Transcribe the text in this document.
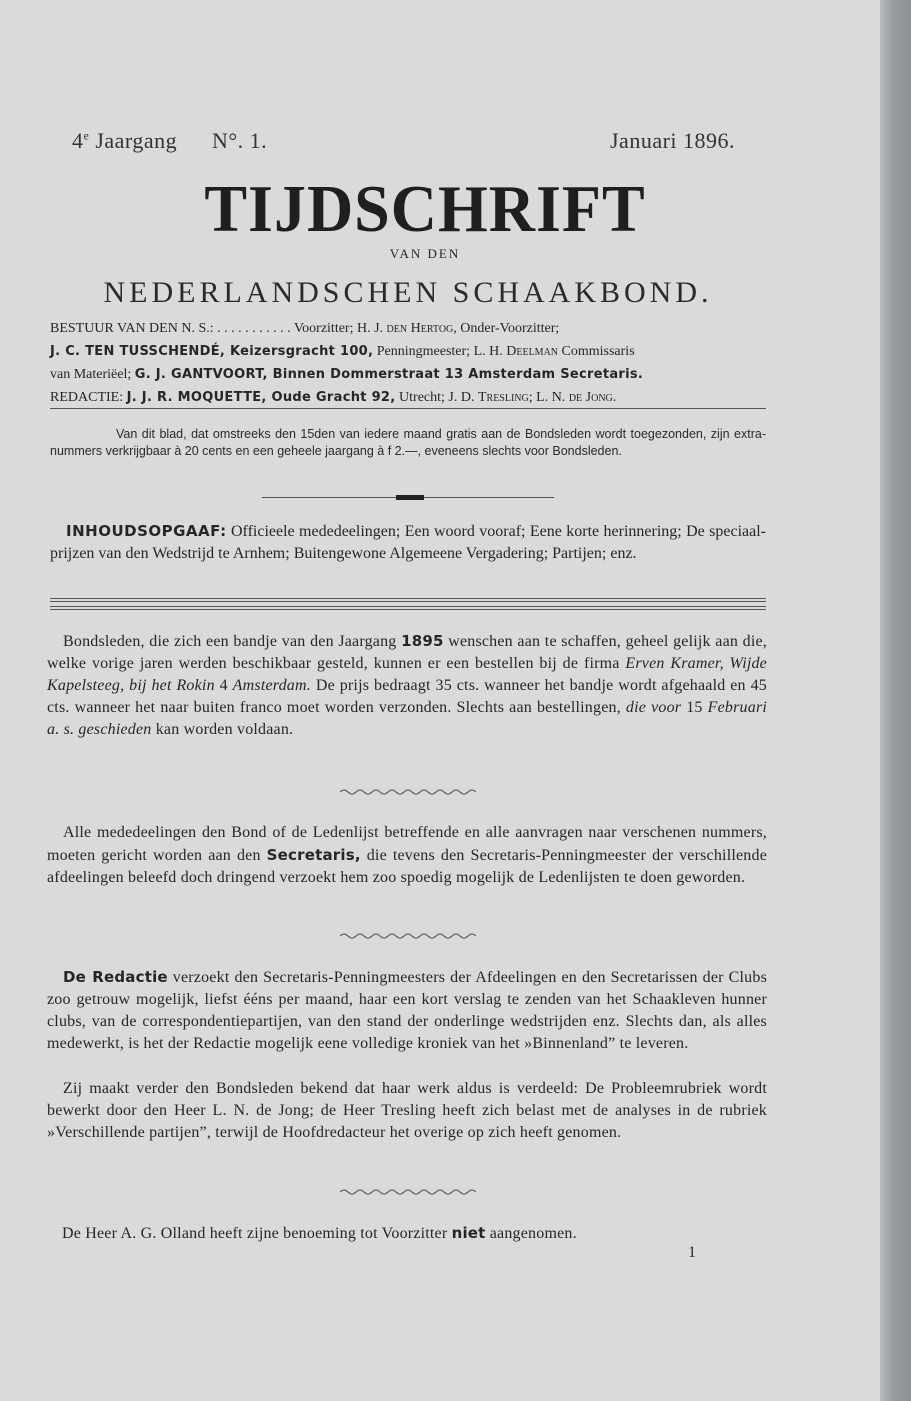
4e Jaargang N°. 1.	Januari 1896.
TIJDSCHRIFT
VAN DEN
NEDERLANDSCHEN SCHAAKBOND.
BESTUUR VAN DEN N. S.: . . . . . . . . . . . Voorzitter; H. J. den Hertog, Onder-Voorzitter;
J. C. TEN TUSSCHENDÉ, Keizersgracht 100, Penningmeester; L. H. Deelman Commissaris
van Materiëel; G. J. GANTVOORT, Binnen Dommerstraat 13 Amsterdam Secretaris.
REDACTIE: J. J. R. MOQUETTE, Oude Gracht 92, Utrecht; J. D. Tresling; L. N. de Jong.
Van dit blad, dat omstreeks den 15den van iedere maand gratis aan de Bondsleden wordt toegezonden, zijn extra-nummers verkrijgbaar à 20 cents en een geheele jaargang à f 2.—, eveneens slechts voor Bondsleden.
INHOUDSOPGAAF: Officieele mededeelingen; Een woord vooraf; Eene korte herinnering; De speciaal-prijzen van den Wedstrijd te Arnhem; Buitengewone Algemeene Vergadering; Partijen; enz.
Bondsleden, die zich een bandje van den Jaargang 1895 wenschen aan te schaffen, geheel gelijk aan die, welke vorige jaren werden beschikbaar gesteld, kunnen er een bestellen bij de firma Erven Kramer, Wijde Kapelsteeg, bij het Rokin 4 Amsterdam. De prijs bedraagt 35 cts. wanneer het bandje wordt afgehaald en 45 cts. wanneer het naar buiten franco moet worden verzonden. Slechts aan bestellingen, die voor 15 Februari a. s. geschieden kan worden voldaan.
Alle mededeelingen den Bond of de Ledenlijst betreffende en alle aanvragen naar verschenen nummers, moeten gericht worden aan den Secretaris, die tevens den Secretaris-Penningmeester der verschillende afdeelingen beleefd doch dringend verzoekt hem zoo spoedig mogelijk de Ledenlijsten te doen geworden.
De Redactie verzoekt den Secretaris-Penningmeesters der Afdeelingen en den Secretarissen der Clubs zoo getrouw mogelijk, liefst ééns per maand, haar een kort verslag te zenden van het Schaakleven hunner clubs, van de correspondentiepartijen, van den stand der onderlinge wedstrijden enz. Slechts dan, als alles medewerkt, is het der Redactie mogelijk eene volledige kroniek van het »Binnenland” te leveren.
Zij maakt verder den Bondsleden bekend dat haar werk aldus is verdeeld: De Probleemrubriek wordt bewerkt door den Heer L. N. de Jong; de Heer Tresling heeft zich belast met de analyses in de rubriek »Verschillende partijen”, terwijl de Hoofdredacteur het overige op zich heeft genomen.
De Heer A. G. Olland heeft zijne benoeming tot Voorzitter niet aangenomen.
1
